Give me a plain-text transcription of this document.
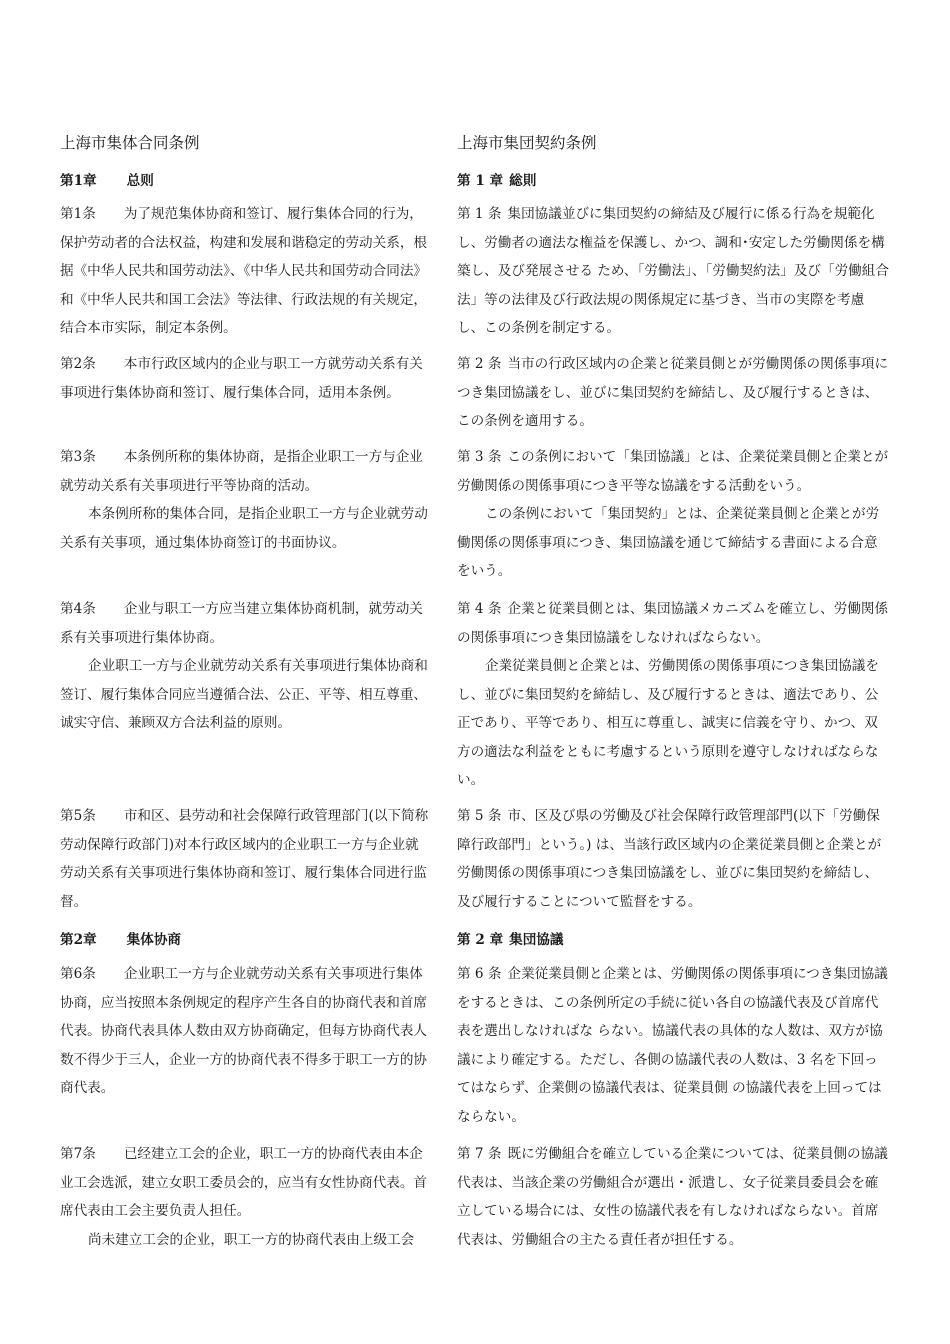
上海市集体合同条例
第1章 总则
第1条 为了规范集体协商和签订、履行集体合同的行为，保护劳动者的合法权益，构建和发展和谐稳定的劳动关系，根据《中华人民共和国劳动法》、《中华人民共和国劳动合同法》和《中华人民共和国工会法》等法律、行政法规的有关规定，结合本市实际，制定本条例。
第2条 本市行政区域内的企业与职工一方就劳动关系有关事项进行集体协商和签订、履行集体合同，适用本条例。
第3条 本条例所称的集体协商，是指企业职工一方与企业就劳动关系有关事项进行平等协商的活动。
本条例所称的集体合同，是指企业职工一方与企业就劳动关系有关事项，通过集体协商签订的书面协议。
第4条 企业与职工一方应当建立集体协商机制，就劳动关系有关事项进行集体协商。
企业职工一方与企业就劳动关系有关事项进行集体协商和签订、履行集体合同应当遵循合法、公正、平等、相互尊重、诚实守信、兼顾双方合法利益的原则。
第5条 市和区、县劳动和社会保障行政管理部门(以下简称劳动保障行政部门)对本行政区域内的企业职工一方与企业就劳动关系有关事项进行集体协商和签订、履行集体合同进行监督。
第2章 集体协商
第6条 企业职工一方与企业就劳动关系有关事项进行集体协商，应当按照本条例规定的程序产生各自的协商代表和首席代表。协商代表具体人数由双方协商确定，但每方协商代表人数不得少于三人，企业一方的协商代表不得多于职工一方的协商代表。
第7条 已经建立工会的企业，职工一方的协商代表由本企业工会选派，建立女职工委员会的，应当有女性协商代表。首席代表由工会主要负责人担任。
尚未建立工会的企业，职工一方的协商代表由上级工会
上海市集団契約条例
第 1 章 総則
第 1 条 集団協議並びに集団契約の締結及び履行に係る行為を規範化し、労働者の適法な権益を保護し、かつ、調和･安定した労働関係を構築し、及び発展させる ため、「労働法」、「労働契約法」及び「労働組合法」等の法律及び行政法規の関係規定に基づき、当市の実際を考慮し、この条例を制定する。
第 2 条 当市の行政区域内の企業と従業員側とが労働関係の関係事項につき集団協議をし、並びに集団契約を締結し、及び履行するときは、この条例を適用する。
第 3 条 この条例において「集団協議」とは、企業従業員側と企業とが労働関係の関係事項につき平等な協議をする活動をいう。
この条例において「集団契約」とは、企業従業員側と企業とが労働関係の関係事項につき、集団協議を通じて締結する書面による合意をいう。
第 4 条 企業と従業員側とは、集団協議メカニズムを確立し、労働関係の関係事項につき集団協議をしなければならない。
企業従業員側と企業とは、労働関係の関係事項につき集団協議をし、並びに集団契約を締結し、及び履行するときは、適法であり、公正であり、平等であり、相互に尊重し、誠実に信義を守り、かつ、双方の適法な利益をともに考慮するという原則を遵守しなければならない。
第 5 条 市、区及び県の労働及び社会保障行政管理部門(以下「労働保障行政部門」という。) は、当該行政区域内の企業従業員側と企業とが労働関係の関係事項につき集団協議をし、並びに集団契約を締結し、及び履行することについて監督をする。
第 2 章 集団協議
第 6 条 企業従業員側と企業とは、労働関係の関係事項につき集団協議をするときは、この条例所定の手続に従い各自の協議代表及び首席代表を選出しなければな らない。協議代表の具体的な人数は、双方が協議により確定する。ただし、各側の協議代表の人数は、3 名を下回ってはならず、企業側の協議代表は、従業員側 の協議代表を上回ってはならない。
第 7 条 既に労働組合を確立している企業については、従業員側の協議代表は、当該企業の労働組合が選出・派遣し、女子従業員委員会を確立している場合には、女性の協議代表を有しなければならない。首席代表は、労働組合の主たる責任者が担任する。
